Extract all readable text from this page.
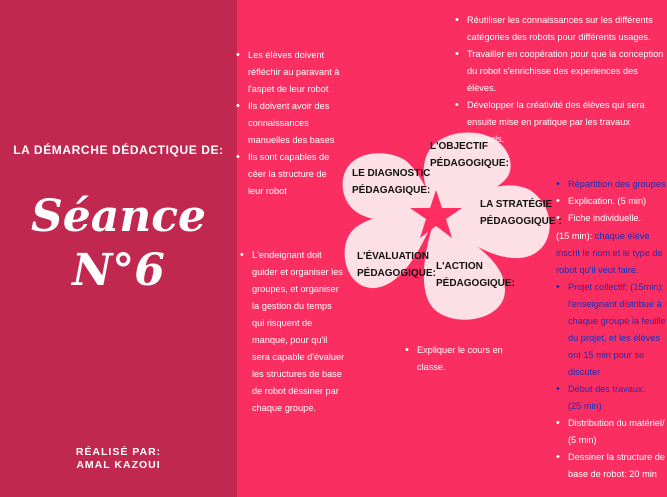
LA DÉMARCHE DÉDACTIQUE DE:
Séance
N°6
RÉALISÉ PAR:
AMAL KAZOUI
L'OBJECTIF
PÉDAGOGIQUE:
LE DIAGNOSTIC
PÉDAGAGIQUE:
LA STRATÉGIE
PÉDAGOGIQUE :
L'ÉVALUATION
PÉDAGOGIQUE:
L'ACTION
PÉDAGOGIQUE:
• Réutiliser les connaissances sur les différents
catégories des robots pour différents usages.
• Travailler en coopération pour que la conception
du robot s'enrichisse des experiences des élèves.
• Développer la créativité des élèves qui sera
ensuite mise en pratique par les travaux manuels.
• Les élèves doivent
réfléchir au paravant à
l'aspet de leur robot
• Ils doivent avoir des
connaissances
manuelles des bases
• Ils sont capables de
céer la structure de
leur robot
• L'endeignant doit
guider et organiser les
groupes, et organiser
la gestion du temps
qui risquent de
manque, pour qu'il
sera capable d'évaluer
les structures de base
de robot déssiner par
chaque groupe.
• Expliquer le cours en
classe.
• Répartition des groupes
• Explication. (5 min)
• Fiche individuelle.
(15 min): chaque élève
inscrit le nom et le type de
robot qu'il veut faire.
• Projet collectif: (15min):
l'enseignant distribue à
chaque groupe la feuille
du projet, et les élèves
ont 15 min pour se
discuter
• Début des travaux:
(25 min)
• Distribution du matériel/
(5 min)
• Dessiner la structure de
base de robot: 20 min
